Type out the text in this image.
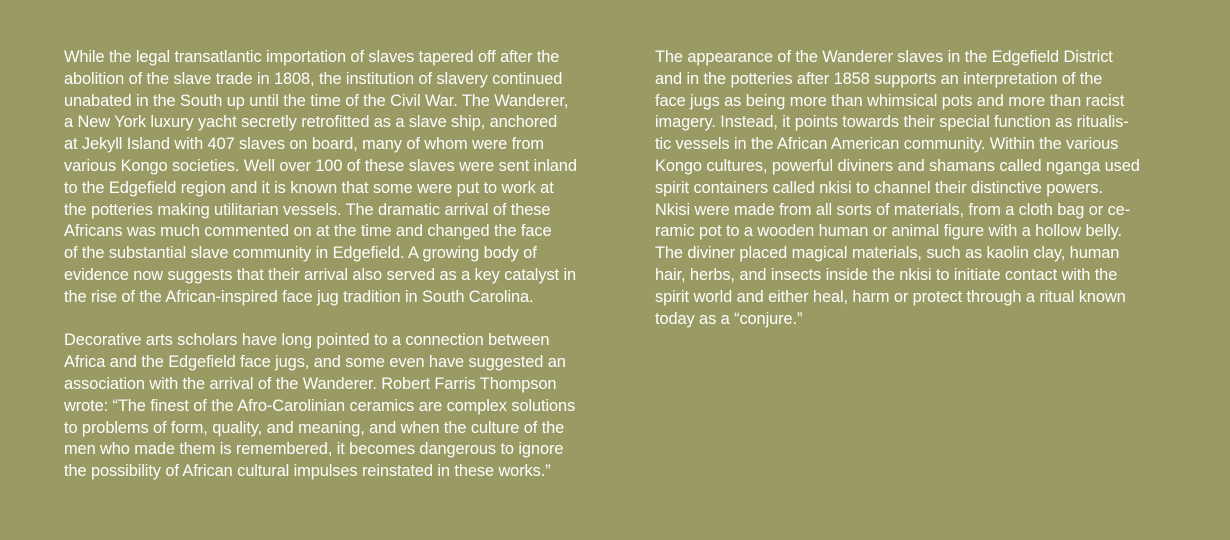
While the legal transatlantic importation of slaves tapered off after the
abolition of the slave trade in 1808, the institution of slavery continued
unabated in the South up until the time of the Civil War. The Wanderer,
a New York luxury yacht secretly retrofitted as a slave ship, anchored
at Jekyll Island with 407 slaves on board, many of whom were from
various Kongo societies. Well over 100 of these slaves were sent inland
to the Edgefield region and it is known that some were put to work at
the potteries making utilitarian vessels. The dramatic arrival of these
Africans was much commented on at the time and changed the face
of the substantial slave community in Edgefield. A growing body of
evidence now suggests that their arrival also served as a key catalyst in
the rise of the African-inspired face jug tradition in South Carolina.

Decorative arts scholars have long pointed to a connection between
Africa and the Edgefield face jugs, and some even have suggested an
association with the arrival of the Wanderer. Robert Farris Thompson
wrote: “The finest of the Afro-Carolinian ceramics are complex solutions
to problems of form, quality, and meaning, and when the culture of the
men who made them is remembered, it becomes dangerous to ignore
the possibility of African cultural impulses reinstated in these works.”

The appearance of the Wanderer slaves in the Edgefield District
and in the potteries after 1858 supports an interpretation of the
face jugs as being more than whimsical pots and more than racist
imagery. Instead, it points towards their special function as ritualis-
tic vessels in the African American community. Within the various
Kongo cultures, powerful diviners and shamans called nganga used
spirit containers called nkisi to channel their distinctive powers.
Nkisi were made from all sorts of materials, from a cloth bag or ce-
ramic pot to a wooden human or animal figure with a hollow belly.
The diviner placed magical materials, such as kaolin clay, human
hair, herbs, and insects inside the nkisi to initiate contact with the
spirit world and either heal, harm or protect through a ritual known
today as a “conjure.”
